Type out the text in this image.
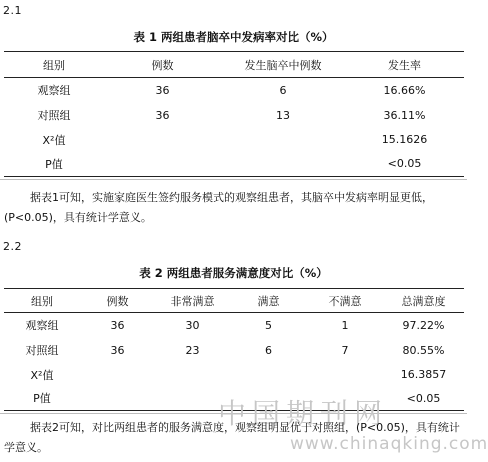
2.1
表 1 两组患者脑卒中发病率对比（%）
组别	例数	发生脑卒中例数	发生率
观察组	36	6	16.66%
对照组	36	13	36.11%
X²值			15.1626
P值			<0.05
据表1可知，实施家庭医生签约服务模式的观察组患者，其脑卒中发病率明显更低，(P<0.05)，具有统计学意义。
2.2
表 2 两组患者服务满意度对比（%）
组别	例数	非常满意	满意	不满意	总满意度
观察组	36	30	5	1	97.22%
对照组	36	23	6	7	80.55%
X²值					16.3857
P值					<0.05
中国期刊网
据表2可知，对比两组患者的服务满意度，观察组明显优于对照组，(P<0.05)，具有统计学意义。	www.chinaqking.com
